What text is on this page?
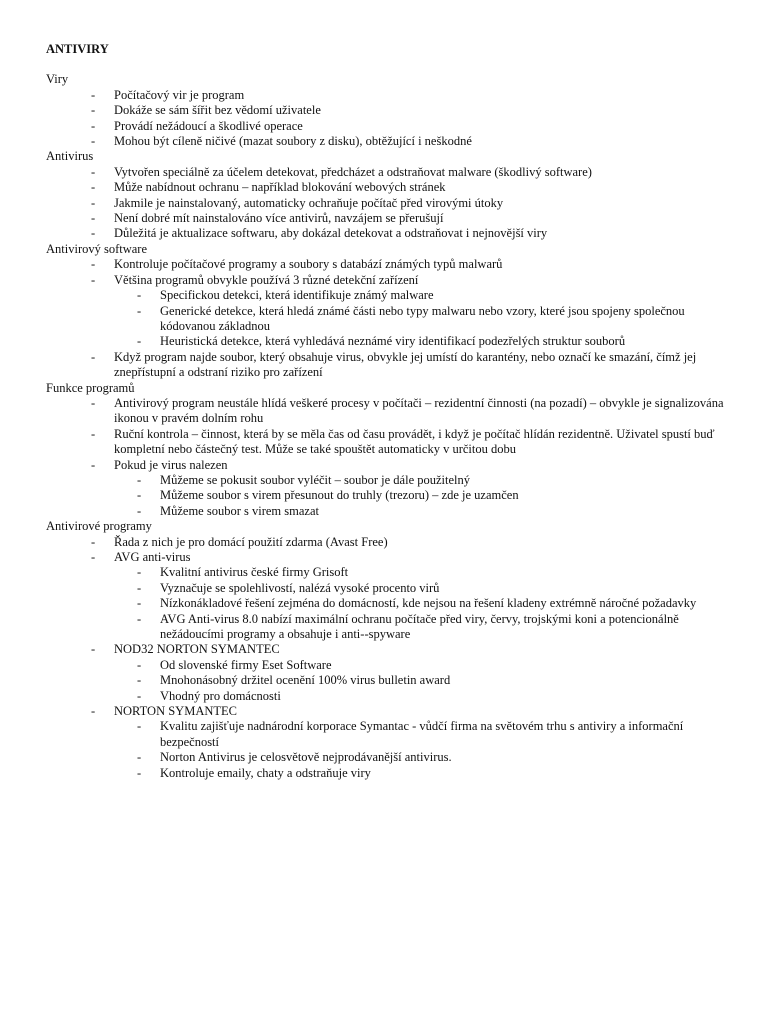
ANTIVIRY
Viry
- Počítačový vir je program
- Dokáže se sám šířit bez vědomí uživatele
- Provádí nežádoucí a škodlivé operace
- Mohou být cíleně ničivé (mazat soubory z disku), obtěžující i neškodné
Antivirus
- Vytvořen speciálně za účelem detekovat, předcházet a odstraňovat malware (škodlivý software)
- Může nabídnout ochranu – například blokování webových stránek
- Jakmile je nainstalovaný, automaticky ochraňuje počítač před virovými útoky
- Není dobré mít nainstalováno více antivirů, navzájem se přerušují
- Důležitá je aktualizace softwaru, aby dokázal detekovat a odstraňovat i nejnovější viry
Antivirový software
- Kontroluje počítačové programy a soubory s databází známých typů malwarů
- Většina programů obvykle používá 3 různé detekční zařízení
- Specifickou detekci, která identifikuje známý malware
- Generické detekce, která hledá známé části nebo typy malwaru nebo vzory, které jsou spojeny společnou kódovanou základnou
- Heuristická detekce, která vyhledává neznámé viry identifikací podezřelých struktur souborů
- Když program najde soubor, který obsahuje virus, obvykle jej umístí do karantény, nebo označí ke smazání, čímž jej znepřístupní a odstraní riziko pro zařízení
Funkce programů
- Antivirový program neustále hlídá veškeré procesy v počítači – rezidentní činnosti (na pozadí) – obvykle je signalizována ikonou v pravém dolním rohu
- Ruční kontrola – činnost, která by se měla čas od času provádět, i když je počítač hlídán rezidentně. Uživatel spustí buď kompletní nebo částečný test. Může se také spouštět automaticky v určitou dobu
- Pokud je virus nalezen
- Můžeme se pokusit soubor vyléčit – soubor je dále použitelný
- Můžeme soubor s virem přesunout do truhly (trezoru) – zde je uzamčen
- Můžeme soubor s virem smazat
Antivirové programy
- Řada z nich je pro domácí použití zdarma (Avast Free)
- AVG anti-virus
- Kvalitní antivirus české firmy Grisoft
- Vyznačuje se spolehlivostí, nalézá vysoké procento virů
- Nízkonákladové řešení zejména do domácností, kde nejsou na řešení kladeny extrémně náročné požadavky
- AVG Anti-virus 8.0 nabízí maximální ochranu počítače před viry, červy, trojskými koni a potencionálně nežádoucími programy a obsahuje i anti--spyware
- NOD32 NORTON SYMANTEC
- Od slovenské firmy Eset Software
- Mnohonásobný držitel ocenění 100% virus bulletin award
- Vhodný pro domácnosti
- NORTON SYMANTEC
- Kvalitu zajišťuje nadnárodní korporace Symantac - vůdčí firma na světovém trhu s antiviry a informační bezpečností
- Norton Antivirus je celosvětově nejprodávanější antivirus.
- Kontroluje emaily, chaty a odstraňuje viry
